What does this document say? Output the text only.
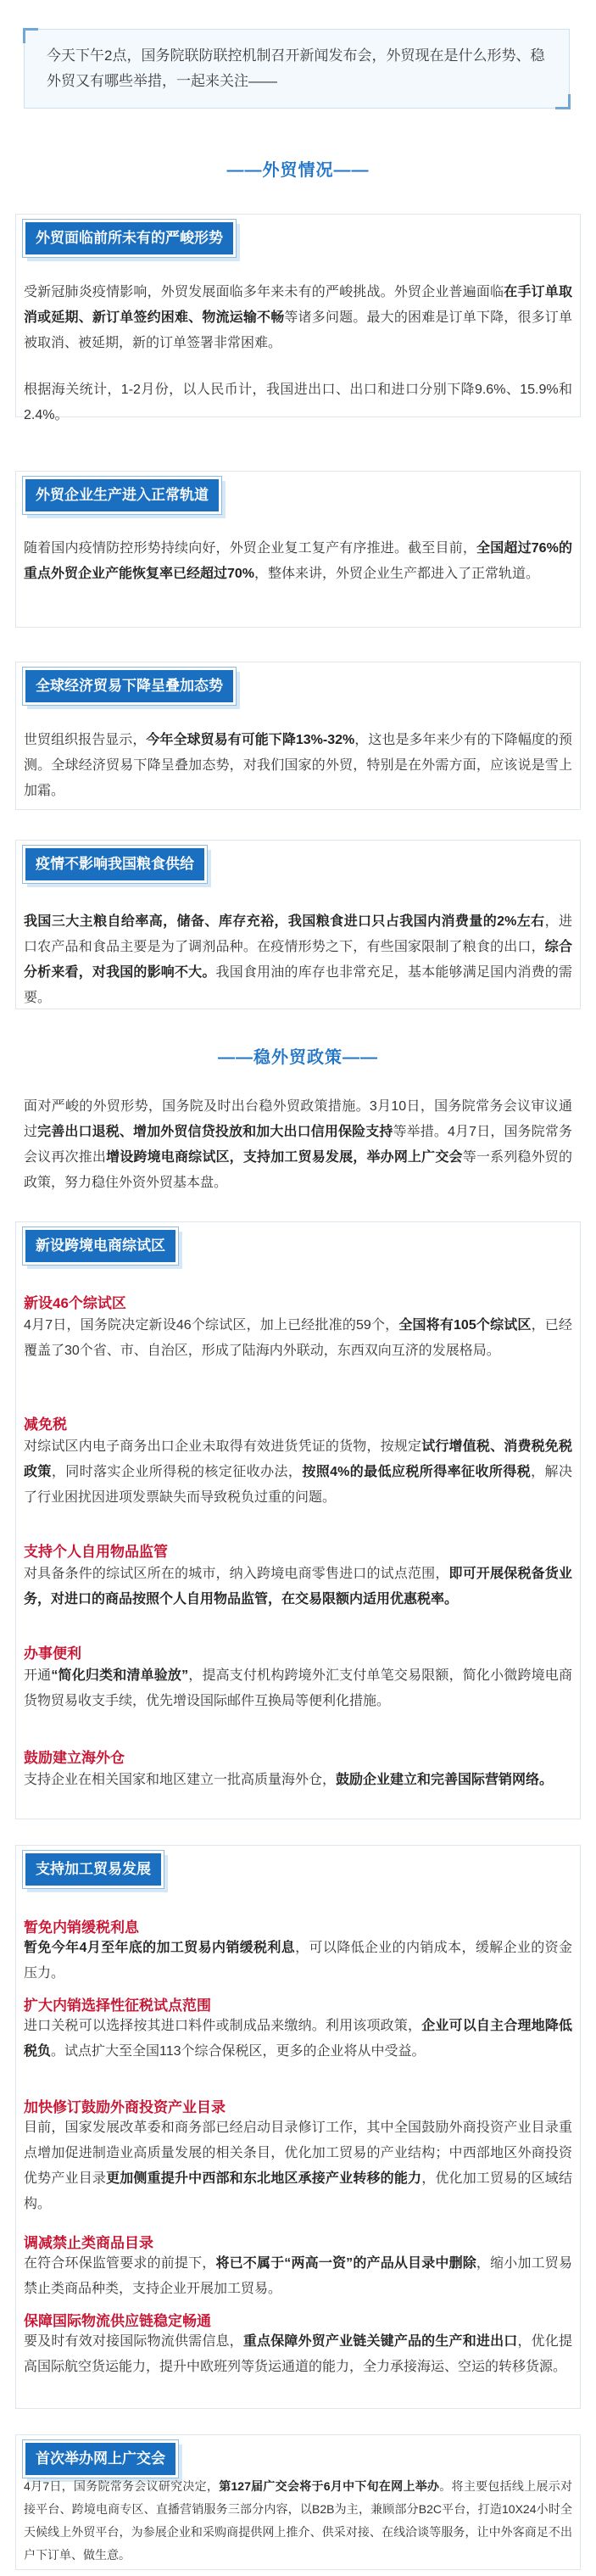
今天下午2点，国务院联防联控机制召开新闻发布会，外贸现在是什么形势、稳外贸又有哪些举措，一起来关注——
——外贸情况——
外贸面临前所未有的严峻形势
受新冠肺炎疫情影响，外贸发展面临多年来未有的严峻挑战。外贸企业普遍面临在手订单取消或延期、新订单签约困难、物流运输不畅等诸多问题。最大的困难是订单下降，很多订单被取消、被延期，新的订单签署非常困难。
根据海关统计，1-2月份，以人民币计，我国进出口、出口和进口分别下降9.6%、15.9%和2.4%。
外贸企业生产进入正常轨道
随着国内疫情防控形势持续向好，外贸企业复工复产有序推进。截至目前，全国超过76%的重点外贸企业产能恢复率已经超过70%，整体来讲，外贸企业生产都进入了正常轨道。
全球经济贸易下降呈叠加态势
世贸组织报告显示，今年全球贸易有可能下降13%-32%，这也是多年来少有的下降幅度的预测。全球经济贸易下降呈叠加态势，对我们国家的外贸，特别是在外需方面，应该说是雪上加霜。
疫情不影响我国粮食供给
我国三大主粮自给率高，储备、库存充裕，我国粮食进口只占我国内消费量的2%左右，进口农产品和食品主要是为了调剂品种。在疫情形势之下，有些国家限制了粮食的出口，综合分析来看，对我国的影响不大。我国食用油的库存也非常充足，基本能够满足国内消费的需要。
——稳外贸政策——
面对严峻的外贸形势，国务院及时出台稳外贸政策措施。3月10日，国务院常务会议审议通过完善出口退税、增加外贸信贷投放和加大出口信用保险支持等举措。4月7日，国务院常务会议再次推出增设跨境电商综试区，支持加工贸易发展，举办网上广交会等一系列稳外贸的政策，努力稳住外资外贸基本盘。
新设跨境电商综试区
新设46个综试区
4月7日，国务院决定新设46个综试区，加上已经批准的59个，全国将有105个综试区，已经覆盖了30个省、市、自治区，形成了陆海内外联动，东西双向互济的发展格局。
减免税
对综试区内电子商务出口企业未取得有效进货凭证的货物，按规定试行增值税、消费税免税政策，同时落实企业所得税的核定征收办法，按照4%的最低应税所得率征收所得税，解决了行业困扰因进项发票缺失而导致税负过重的问题。
支持个人自用物品监管
对具备条件的综试区所在的城市，纳入跨境电商零售进口的试点范围，即可开展保税备货业务，对进口的商品按照个人自用物品监管，在交易限额内适用优惠税率。
办事便利
开通“简化归类和清单验放”，提高支付机构跨境外汇支付单笔交易限额，简化小微跨境电商货物贸易收支手续，优先增设国际邮件互换局等便利化措施。
鼓励建立海外仓
支持企业在相关国家和地区建立一批高质量海外仓，鼓励企业建立和完善国际营销网络。
支持加工贸易发展
暂免内销缓税利息
暂免今年4月至年底的加工贸易内销缓税利息，可以降低企业的内销成本，缓解企业的资金压力。
扩大内销选择性征税试点范围
进口关税可以选择按其进口料件或制成品来缴纳。利用该项政策，企业可以自主合理地降低税负。试点扩大至全国113个综合保税区，更多的企业将从中受益。
加快修订鼓励外商投资产业目录
目前，国家发展改革委和商务部已经启动目录修订工作，其中全国鼓励外商投资产业目录重点增加促进制造业高质量发展的相关条目，优化加工贸易的产业结构；中西部地区外商投资优势产业目录更加侧重提升中西部和东北地区承接产业转移的能力，优化加工贸易的区域结构。
调减禁止类商品目录
在符合环保监管要求的前提下，将已不属于“两高一资”的产品从目录中删除，缩小加工贸易禁止类商品种类，支持企业开展加工贸易。
保障国际物流供应链稳定畅通
要及时有效对接国际物流供需信息，重点保障外贸产业链关键产品的生产和进出口，优化提高国际航空货运能力，提升中欧班列等货运通道的能力，全力承接海运、空运的转移货源。
首次举办网上广交会
4月7日，国务院常务会议研究决定，第127届广交会将于6月中下旬在网上举办。将主要包括线上展示对接平台、跨境电商专区、直播营销服务三部分内容，以B2B为主，兼顾部分B2C平台，打造10X24小时全天候线上外贸平台，为参展企业和采购商提供网上推介、供采对接、在线洽谈等服务，让中外客商足不出户下订单、做生意。
